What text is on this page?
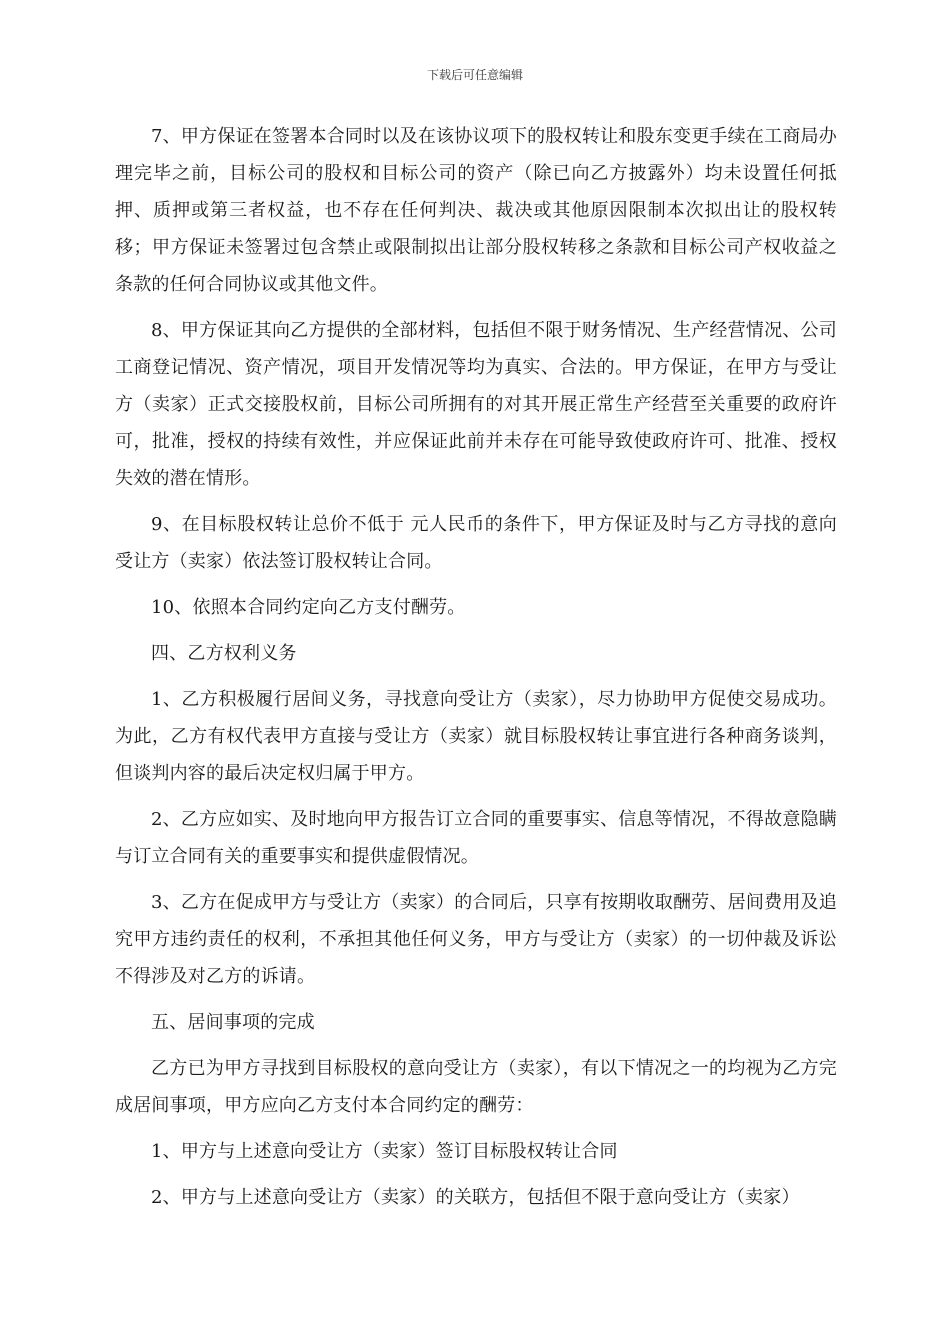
下载后可任意编辑

7、甲方保证在签署本合同时以及在该协议项下的股权转让和股东变更手续在工商局办理完毕之前，目标公司的股权和目标公司的资产（除已向乙方披露外）均未设置任何抵押、质押或第三者权益，也不存在任何判决、裁决或其他原因限制本次拟出让的股权转移；甲方保证未签署过包含禁止或限制拟出让部分股权转移之条款和目标公司产权收益之条款的任何合同协议或其他文件。

8、甲方保证其向乙方提供的全部材料，包括但不限于财务情况、生产经营情况、公司工商登记情况、资产情况，项目开发情况等均为真实、合法的。甲方保证，在甲方与受让方（卖家）正式交接股权前，目标公司所拥有的对其开展正常生产经营至关重要的政府许可，批准，授权的持续有效性，并应保证此前并未存在可能导致使政府许可、批准、授权失效的潜在情形。

9、在目标股权转让总价不低于 元人民币的条件下，甲方保证及时与乙方寻找的意向受让方（卖家）依法签订股权转让合同。

10、依照本合同约定向乙方支付酬劳。

四、乙方权利义务

1、乙方积极履行居间义务，寻找意向受让方（卖家），尽力协助甲方促使交易成功。为此，乙方有权代表甲方直接与受让方（卖家）就目标股权转让事宜进行各种商务谈判，但谈判内容的最后决定权归属于甲方。

2、乙方应如实、及时地向甲方报告订立合同的重要事实、信息等情况，不得故意隐瞒与订立合同有关的重要事实和提供虚假情况。

3、乙方在促成甲方与受让方（卖家）的合同后，只享有按期收取酬劳、居间费用及追究甲方违约责任的权利，不承担其他任何义务，甲方与受让方（卖家）的一切仲裁及诉讼不得涉及对乙方的诉请。

五、居间事项的完成

乙方已为甲方寻找到目标股权的意向受让方（卖家），有以下情况之一的均视为乙方完成居间事项，甲方应向乙方支付本合同约定的酬劳：

1、甲方与上述意向受让方（卖家）签订目标股权转让合同

2、甲方与上述意向受让方（卖家）的关联方，包括但不限于意向受让方（卖家）
